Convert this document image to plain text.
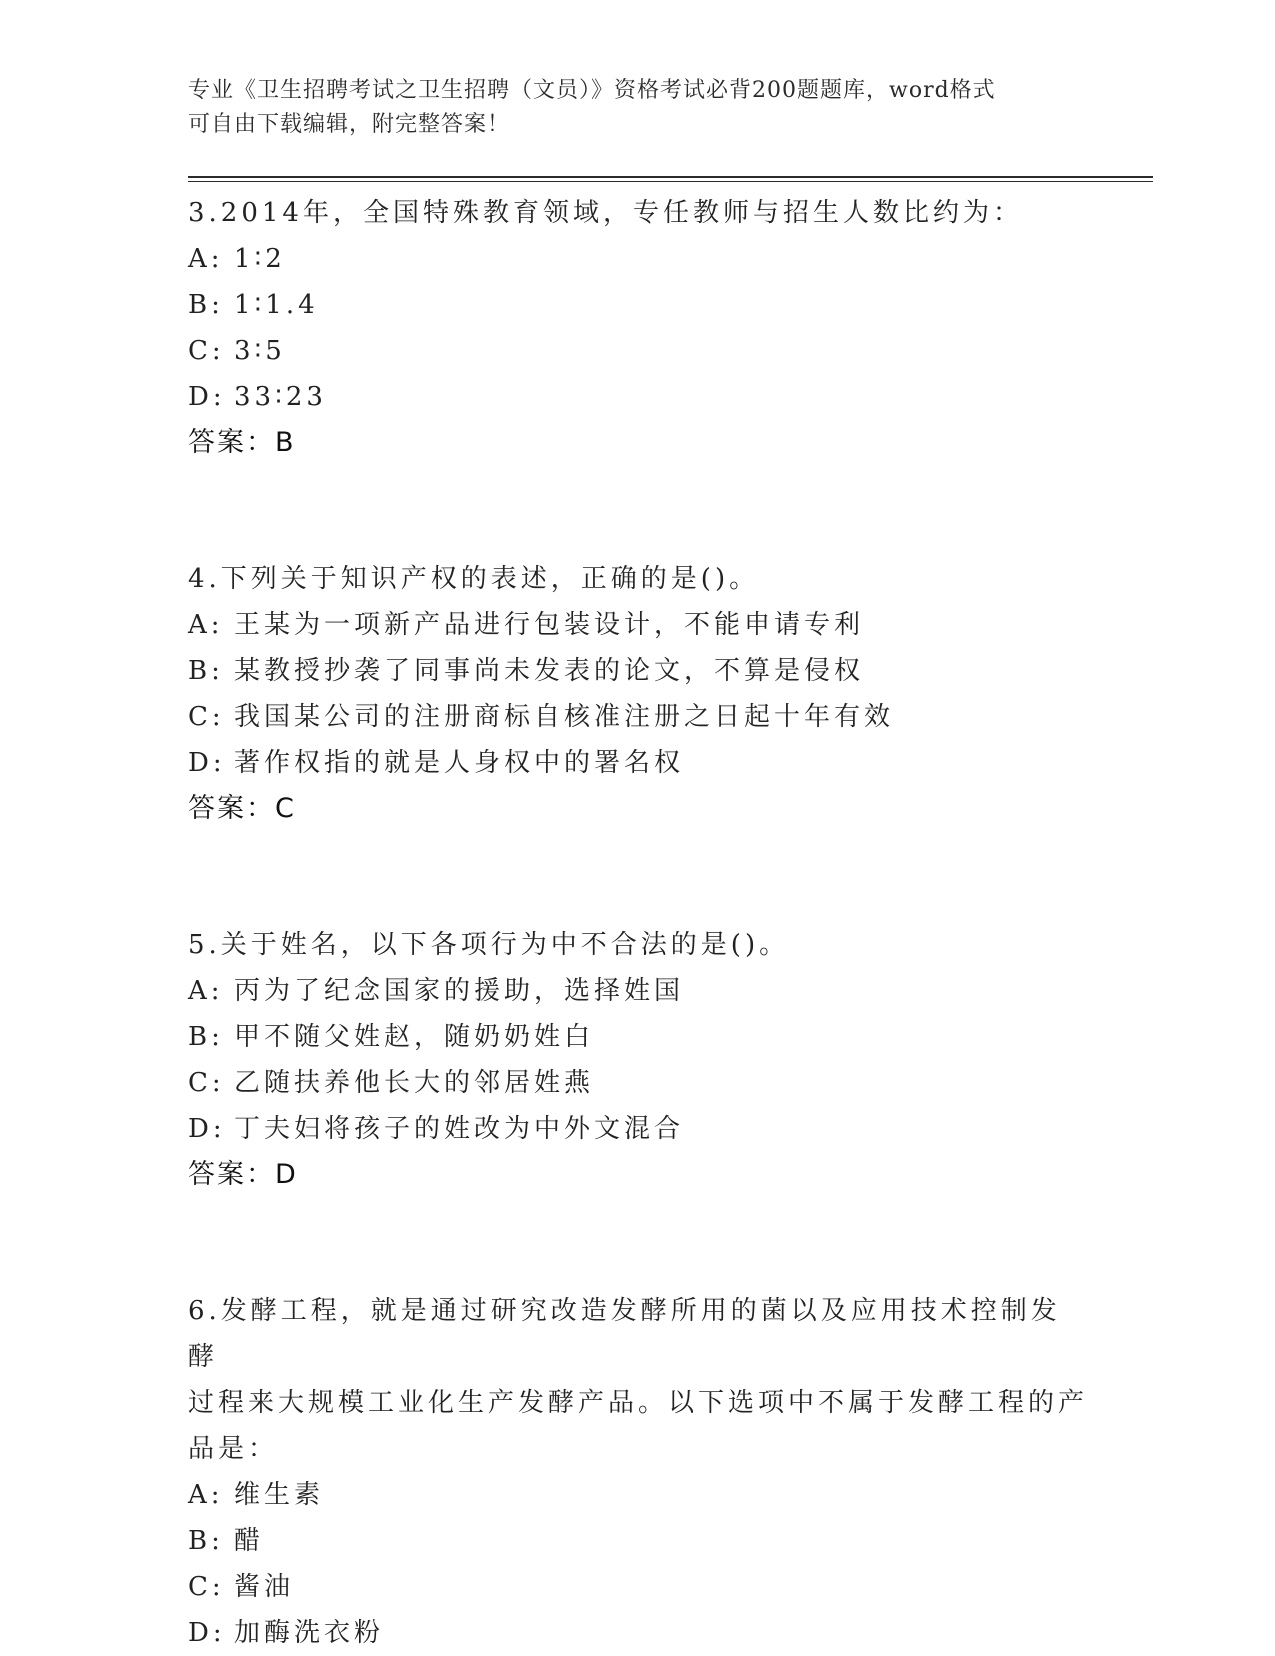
专业《卫生招聘考试之卫生招聘（文员）》资格考试必背200题题库，word格式
可自由下载编辑，附完整答案！
3.2014年，全国特殊教育领域，专任教师与招生人数比约为：
A: 1∶2
B: 1∶1.4
C: 3∶5
D: 33∶23
答案：B
4.下列关于知识产权的表述，正确的是()。
A: 王某为一项新产品进行包装设计，不能申请专利
B: 某教授抄袭了同事尚未发表的论文，不算是侵权
C: 我国某公司的注册商标自核准注册之日起十年有效
D: 著作权指的就是人身权中的署名权
答案：C
5.关于姓名，以下各项行为中不合法的是()。
A: 丙为了纪念国家的援助，选择姓国
B: 甲不随父姓赵，随奶奶姓白
C: 乙随扶养他长大的邻居姓燕
D: 丁夫妇将孩子的姓改为中外文混合
答案：D
6.发酵工程，就是通过研究改造发酵所用的菌以及应用技术控制发酵
过程来大规模工业化生产发酵产品。以下选项中不属于发酵工程的产
品是：
A: 维生素
B: 醋
C: 酱油
D: 加酶洗衣粉
